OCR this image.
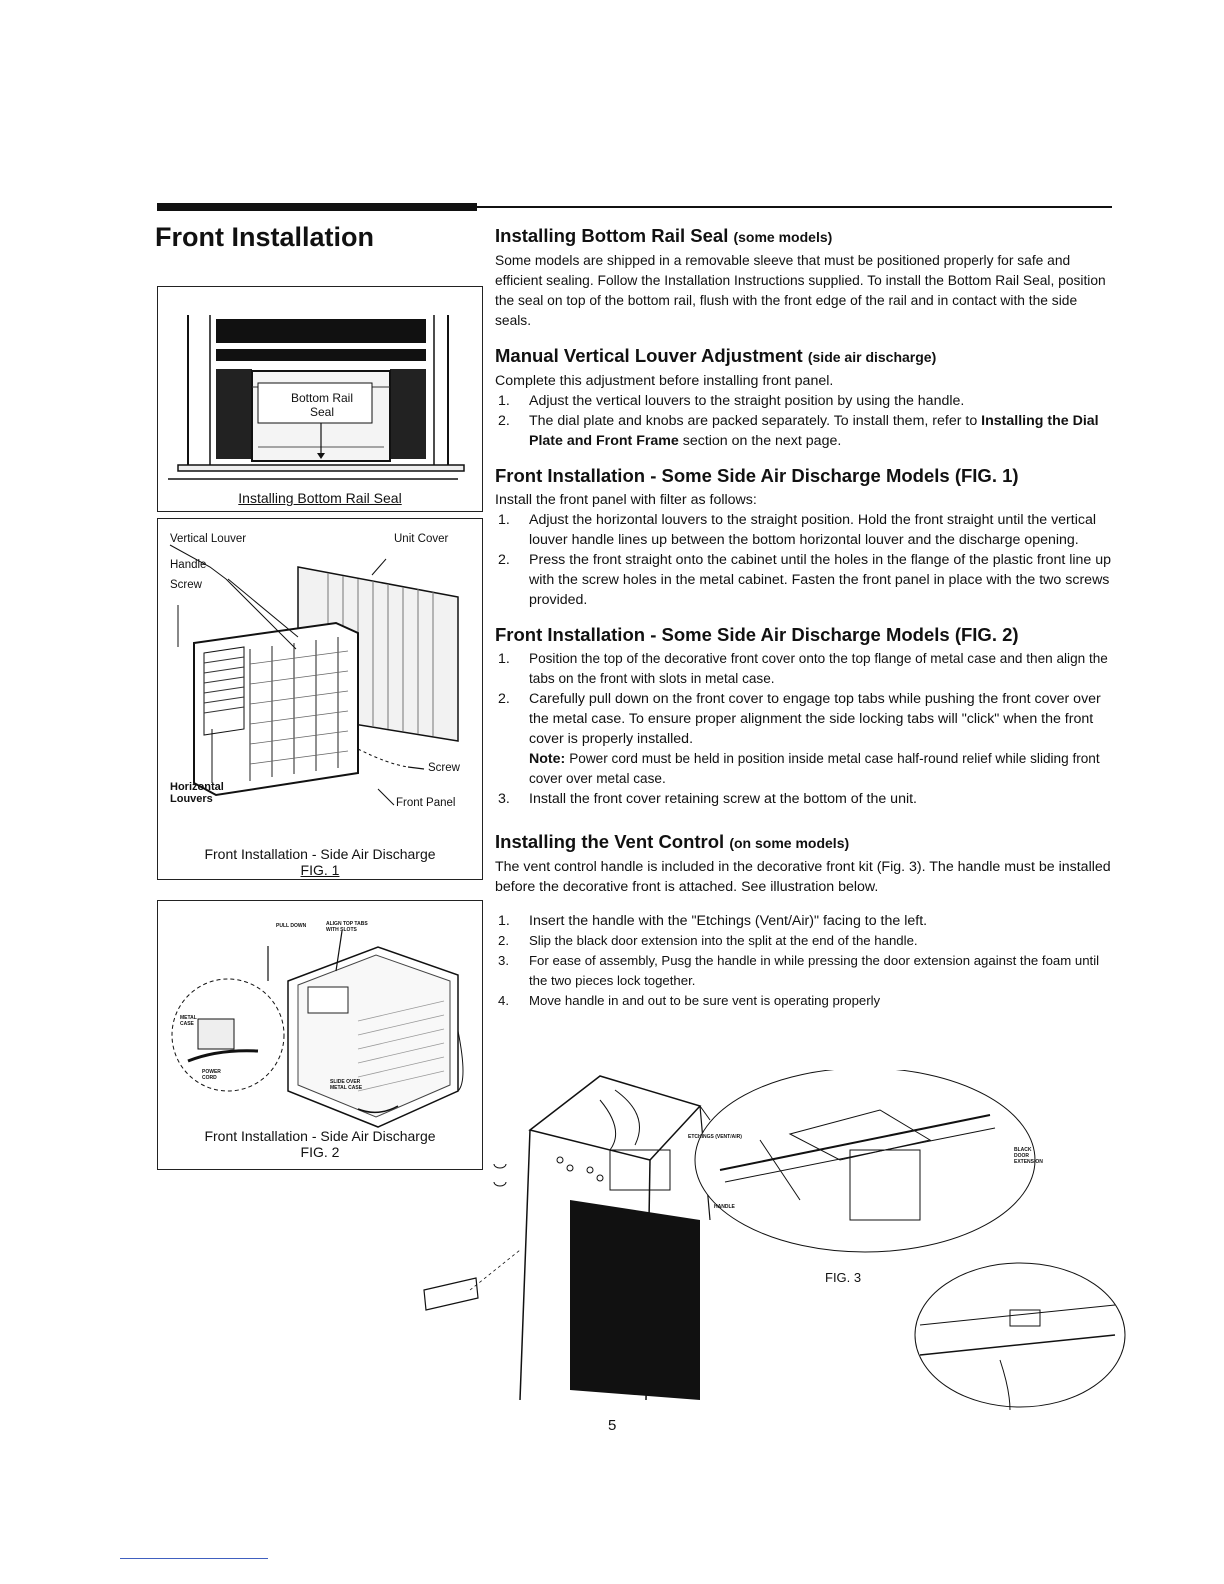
Front Installation
Bottom Rail Seal
Installing Bottom Rail Seal
Vertical Louver
Handle
Screw
Unit Cover
Screw
Horizontal Louvers	Front Panel
Front Installation - Side Air Discharge
FIG. 1
PULL DOWN	ALIGN TOP TABS WITH SLOTS
METAL CASE
POWER CORD
SLIDE OVER METAL CASE
Front Installation - Side Air Discharge
FIG. 2
Installing Bottom Rail Seal (some models)

Some models are shipped in a removable sleeve that must be positioned properly for safe and efficient sealing. Follow the Installation Instructions supplied. To install the Bottom Rail Seal, position the seal on top of the bottom rail, flush with the front edge of the rail and in contact with the side seals.

Manual Vertical Louver Adjustment (side air discharge)

Complete this adjustment before installing front panel.

1. Adjust the vertical louvers to the straight position by using the handle.
2. The dial plate and knobs are packed separately. To install them, refer to Installing the Dial Plate and Front Frame section on the next page.
Front Installation - Some Side Air Discharge Models (FIG. 1)

Install the front panel with filter as follows:

1. Adjust the horizontal louvers to the straight position. Hold the front straight until the vertical louver handle lines up between the bottom horizontal louver and the discharge opening.
2. Press the front straight onto the cabinet until the holes in the flange of the plastic front line up with the screw holes in the metal cabinet. Fasten the front panel in place with the two screws provided.
Front Installation - Some Side Air Discharge Models (FIG. 2)
1. Position the top of the decorative front cover onto the top flange of metal case and then align the tabs on the front with slots in metal case.
2. Carefully pull down on the front cover to engage top tabs while pushing the front cover over the metal case. To ensure proper alignment the side locking tabs will "click" when the front cover is properly installed.
Note: Power cord must be held in position inside metal case half-round relief while sliding front cover over metal case.
3. Install the front cover retaining screw at the bottom of the unit.
Installing the Vent Control (on some models)

The vent control handle is included in the decorative front kit (Fig. 3). The handle must be installed before the decorative front is attached. See illustration below.

1. Insert the handle with the "Etchings (Vent/Air)" facing to the left.
2. Slip the black door extension into the split at the end of the handle.
3. For ease of assembly, Pusg the handle in while pressing the door extension against the foam until the two pieces lock together.
4. Move handle in and out to be sure vent is operating properly
ETCHINGS (VENT/AIR)
BLACK DOOR EXTENSION
HANDLE
FIG. 3
5
